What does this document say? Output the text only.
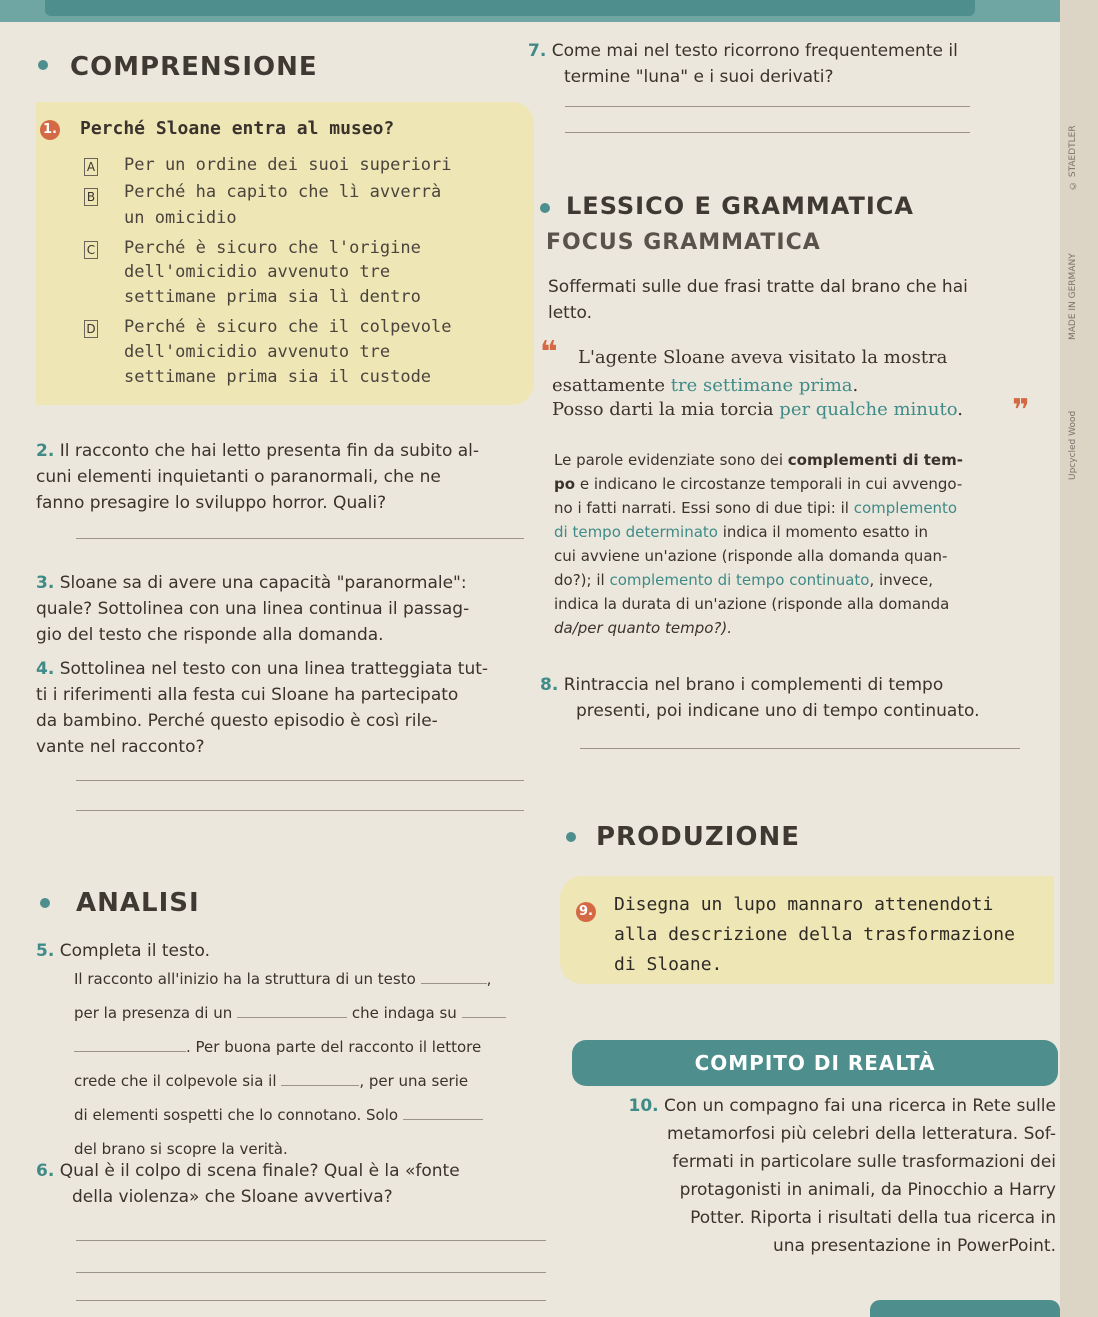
COMPRENSIONE
1. Perché Sloane entra al museo?
A Per un ordine dei suoi superiori
B Perché ha capito che lì avverrà
un omicidio
C Perché è sicuro che l'origine
dell'omicidio avvenuto tre
settimane prima sia lì dentro
D Perché è sicuro che il colpevole
dell'omicidio avvenuto tre
settimane prima sia il custode
2. Il racconto che hai letto presenta fin da subito al-
cuni elementi inquietanti o paranormali, che ne
fanno presagire lo sviluppo horror. Quali?
3. Sloane sa di avere una capacità "paranormale":
quale? Sottolinea con una linea continua il passag-
gio del testo che risponde alla domanda.
4. Sottolinea nel testo con una linea tratteggiata tut-
ti i riferimenti alla festa cui Sloane ha partecipato
da bambino. Perché questo episodio è così rile-
vante nel racconto?
7. Come mai nel testo ricorrono frequentemente il
termine "luna" e i suoi derivati?
LESSICO E GRAMMATICA
FOCUS GRAMMATICA
Soffermati sulle due frasi tratte dal brano che hai
letto.
❝ L'agente Sloane aveva visitato la mostra
esattamente tre settimane prima.
Posso darti la mia torcia per qualche minuto. ❞
Le parole evidenziate sono dei complementi di tem-
po e indicano le circostanze temporali in cui avvengo-
no i fatti narrati. Essi sono di due tipi: il complemento
di tempo determinato indica il momento esatto in
cui avviene un'azione (risponde alla domanda quan-
do?); il complemento di tempo continuato, invece,
indica la durata di un'azione (risponde alla domanda
da/per quanto tempo?).
8. Rintraccia nel brano i complementi di tempo
presenti, poi indicane uno di tempo continuato.
PRODUZIONE
9. Disegna un lupo mannaro attenendoti
alla descrizione della trasformazione
di Sloane.
ANALISI
5. Completa il testo.
Il racconto all'inizio ha la struttura di un testo	,
per la presenza di un	che indaga su
. Per buona parte del racconto il lettore
crede che il colpevole sia il	, per una serie
di elementi sospetti che lo connotano. Solo
del brano si scopre la verità.
6. Qual è il colpo di scena finale? Qual è la «fonte
della violenza» che Sloane avvertiva?
COMPITO DI REALTÀ
10. Con un compagno fai una ricerca in Rete sulle
metamorfosi più celebri della letteratura. Sof-
fermati in particolare sulle trasformazioni dei
protagonisti in animali, da Pinocchio a Harry
Potter. Riporta i risultati della tua ricerca in
una presentazione in PowerPoint.
© STAEDTLER
MADE IN GERMANY
Upcycled Wood
